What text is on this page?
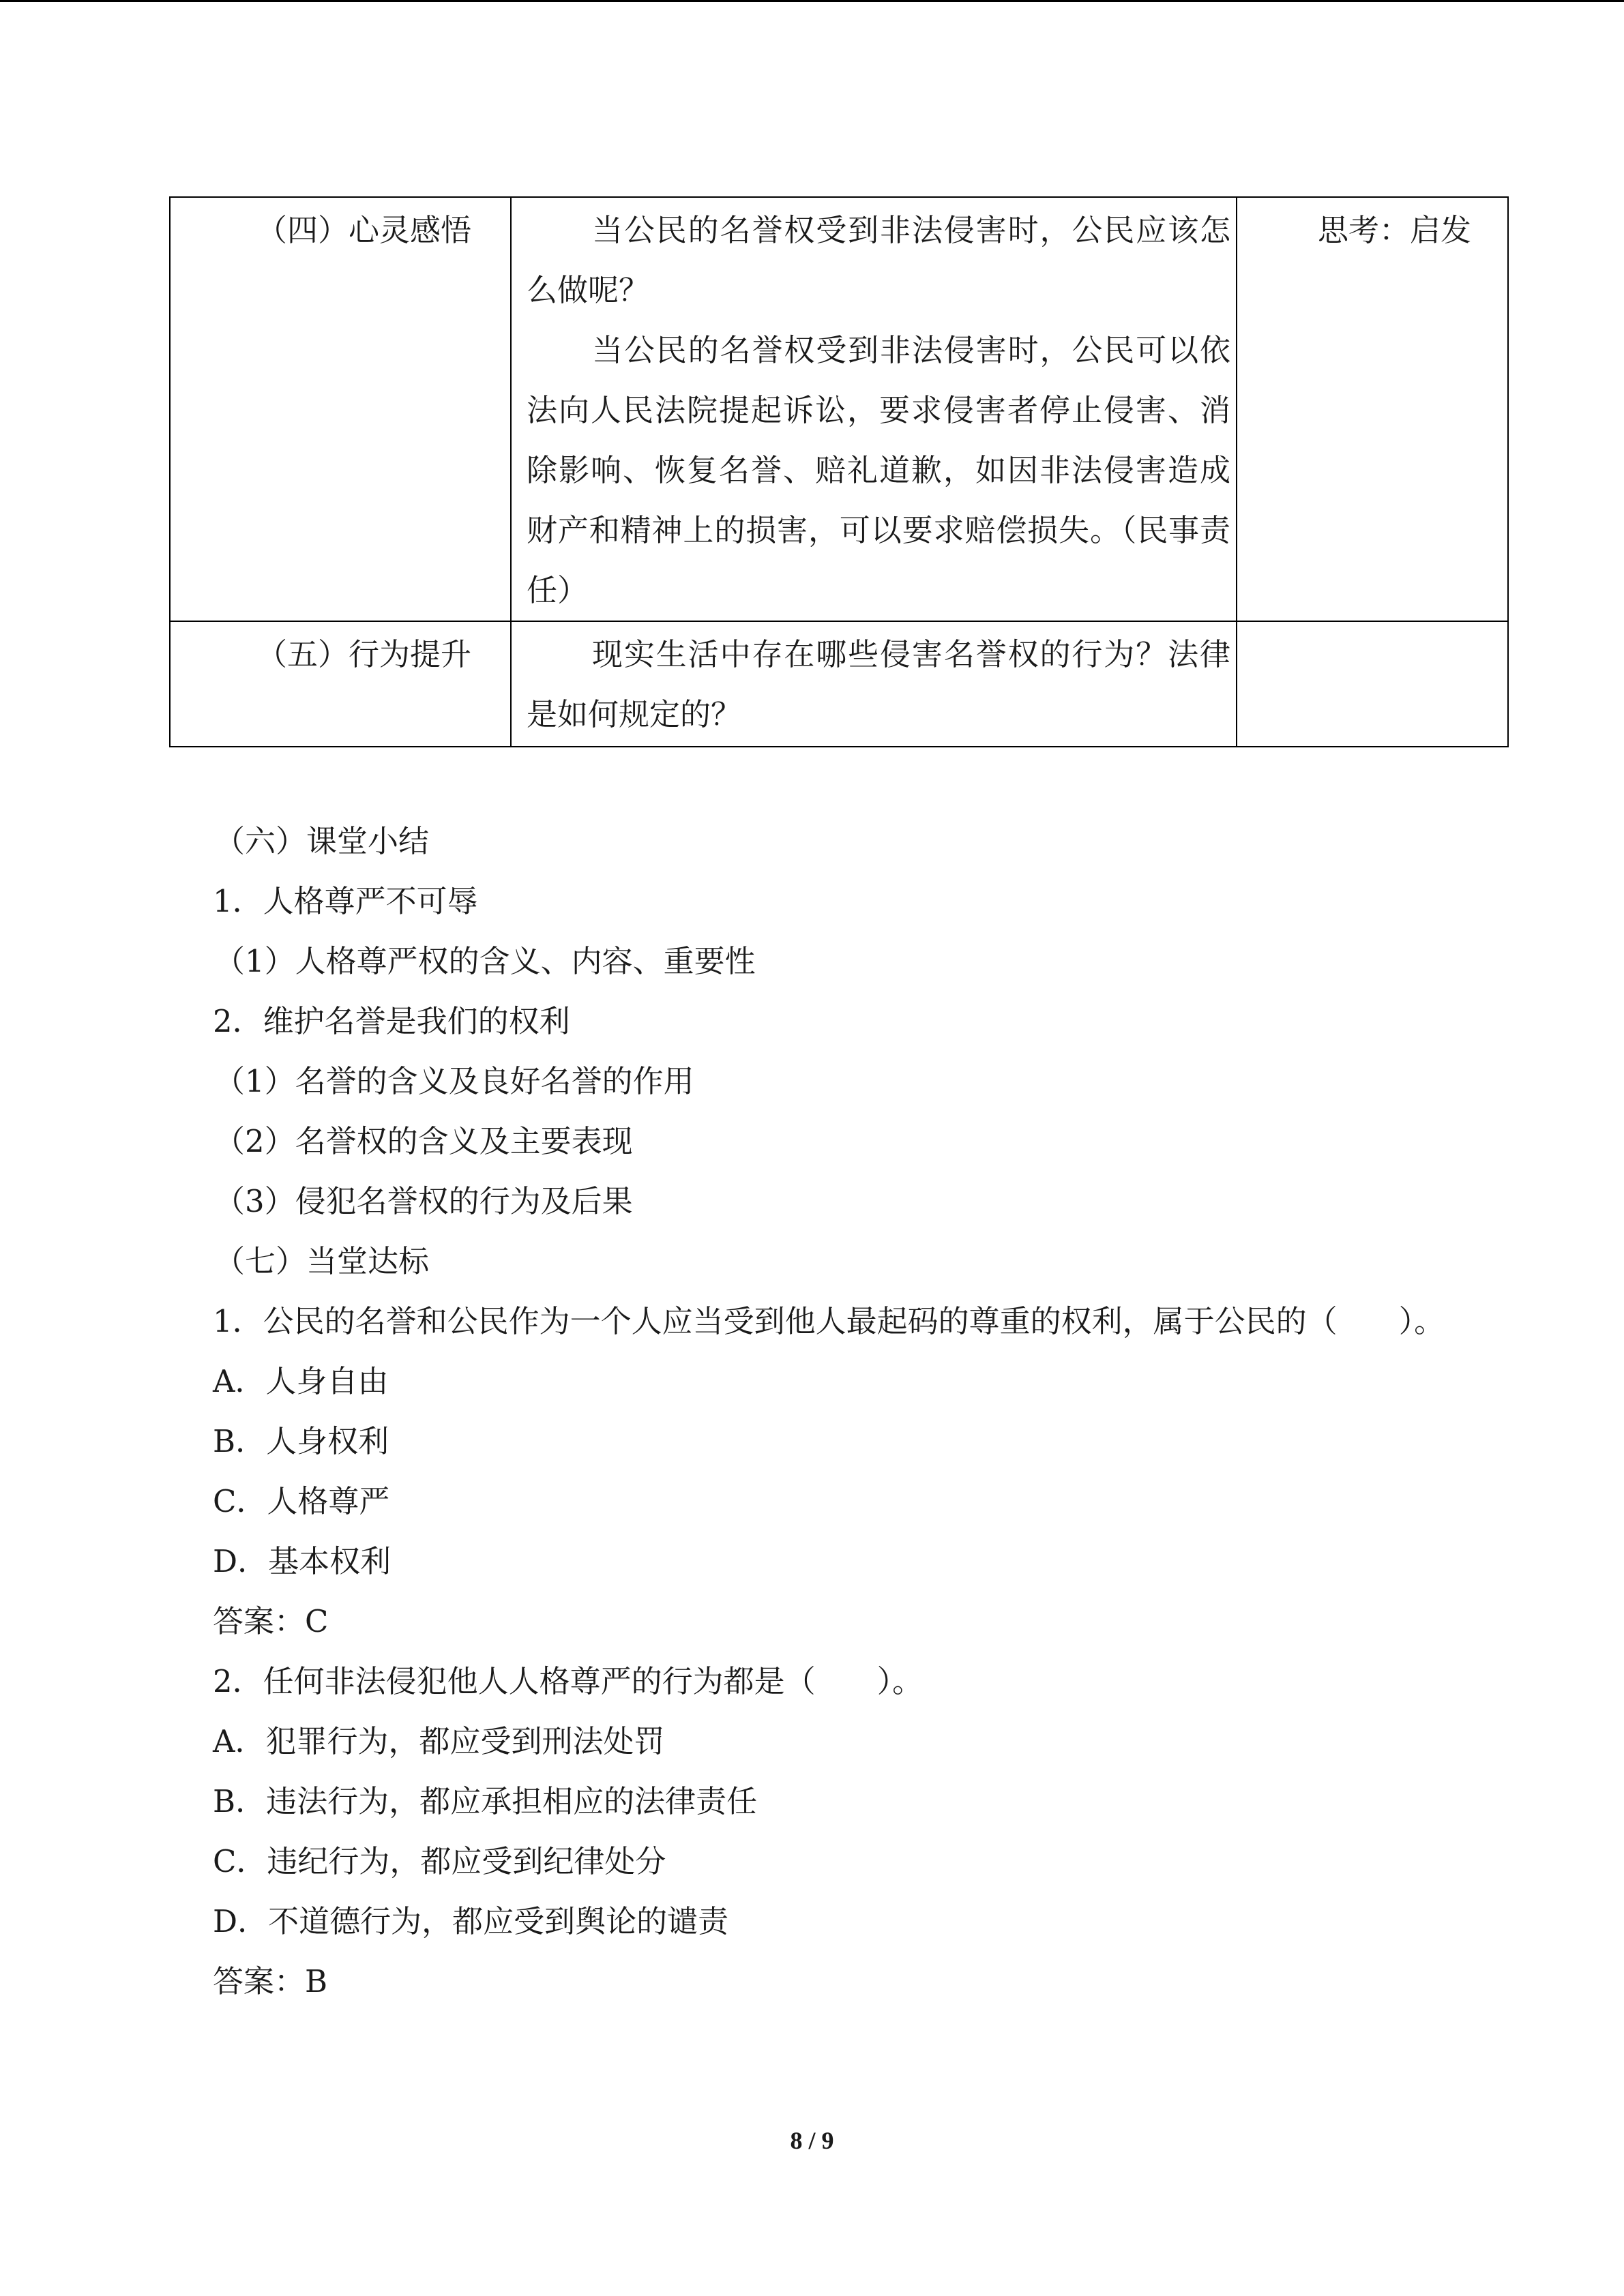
（四）心灵感悟	当公民的名誉权受到非法侵害时，公民应该怎么做呢？

当公民的名誉权受到非法侵害时，公民可以依法向人民法院提起诉讼，要求侵害者停止侵害、消除影响、恢复名誉、赔礼道歉，如因非法侵害造成财产和精神上的损害，可以要求赔偿损失。（民事责任）	思考：启发

（五）行为提升	现实生活中存在哪些侵害名誉权的行为？法律是如何规定的？	

（六）课堂小结

1．人格尊严不可辱

（1）人格尊严权的含义、内容、重要性

2．维护名誉是我们的权利

（1）名誉的含义及良好名誉的作用

（2）名誉权的含义及主要表现

（3）侵犯名誉权的行为及后果

（七）当堂达标

1．公民的名誉和公民作为一个人应当受到他人最起码的尊重的权利，属于公民的（　　）。

A．人身自由

B．人身权利

C．人格尊严

D．基本权利

答案：C

2．任何非法侵犯他人人格尊严的行为都是（　　）。

A．犯罪行为，都应受到刑法处罚

B．违法行为，都应承担相应的法律责任

C．违纪行为，都应受到纪律处分

D．不道德行为，都应受到舆论的谴责

答案：B

8 / 9
